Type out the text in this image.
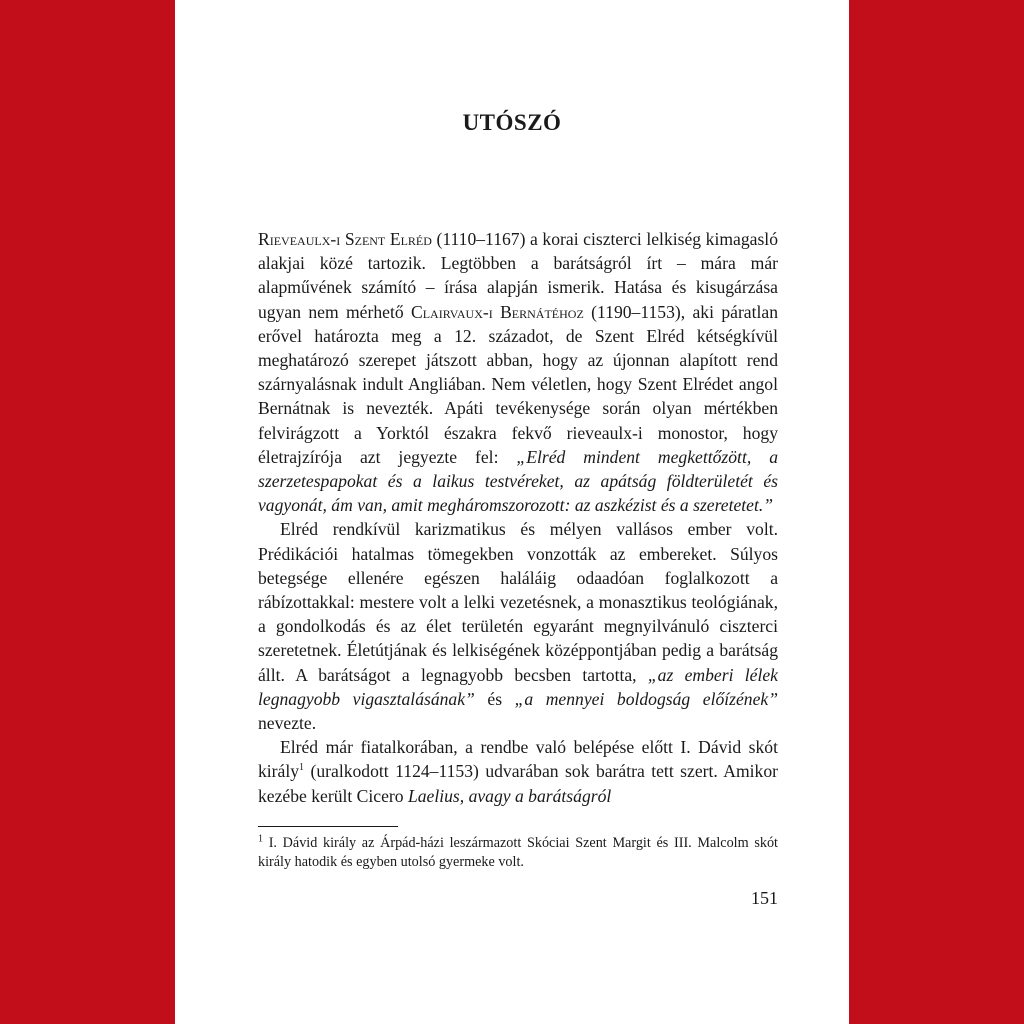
UTÓSZÓ

Rieveaulx-i Szent Elréd (1110–1167) a korai ciszterci lelkiség kimagasló alakjai közé tartozik. Legtöbben a barátságról írt – mára már alapművének számító – írása alapján ismerik. Hatása és kisugárzása ugyan nem mérhető Clairvaux-i Bernátéhoz (1190–1153), aki páratlan erővel határozta meg a 12. századot, de Szent Elréd kétségkívül meghatározó szerepet játszott abban, hogy az újonnan alapított rend szárnyalásnak indult Angliában. Nem véletlen, hogy Szent Elrédet angol Bernátnak is nevezték. Apáti tevékenysége során olyan mértékben felvirágzott a Yorktól északra fekvő rieveaulx-i monostor, hogy életrajzírója azt jegyezte fel: „Elréd mindent megkettőzött, a szerzetespapokat és a laikus testvéreket, az apátság földterületét és vagyonát, ám van, amit megháromszorozott: az aszkézist és a szeretetet.”

Elréd rendkívül karizmatikus és mélyen vallásos ember volt. Prédikációi hatalmas tömegekben vonzották az embereket. Súlyos betegsége ellenére egészen haláláig odaadóan foglalkozott a rábízottakkal: mestere volt a lelki vezetésnek, a monasztikus teológiának, a gondolkodás és az élet területén egyaránt megnyilvánuló ciszterci szeretetnek. Életútjának és lelkiségének középpontjában pedig a barátság állt. A barátságot a legnagyobb becsben tartotta, „az emberi lélek legnagyobb vigasztalásának” és „a mennyei boldogság előízének” nevezte.

Elréd már fiatalkorában, a rendbe való belépése előtt I. Dávid skót király$^1$ (uralkodott 1124–1153) udvarában sok barátra tett szert. Amikor kezébe került Cicero Laelius, avagy a barátságról

$^1$ I. Dávid király az Árpád-házi leszármazott Skóciai Szent Margit és III. Malcolm skót király hatodik és egyben utolsó gyermeke volt.
151
